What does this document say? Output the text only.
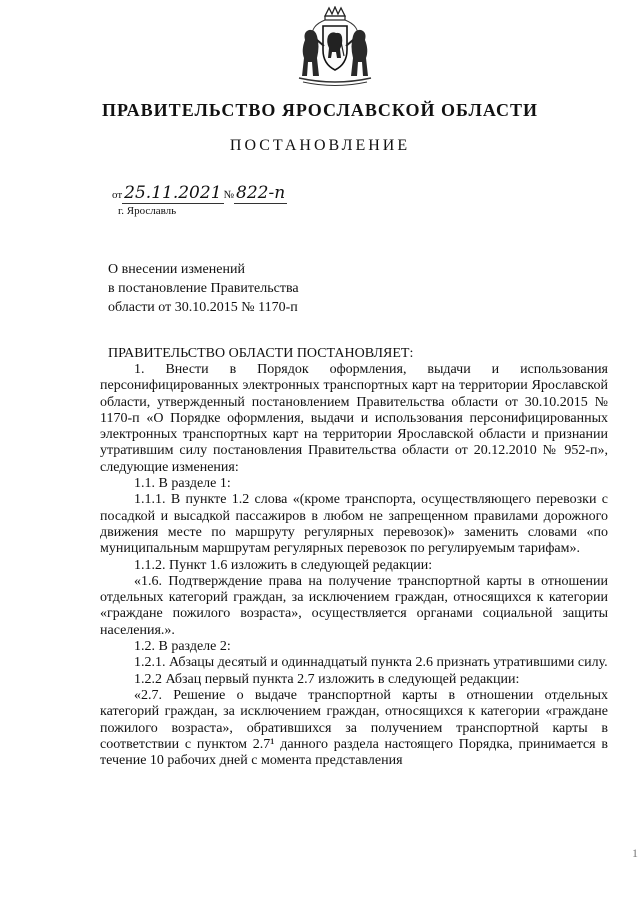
ПРАВИТЕЛЬСТВО ЯРОСЛАВСКОЙ ОБЛАСТИ
ПОСТАНОВЛЕНИЕ
от 25.11.2021 № 822-п
г. Ярославль
О внесении изменений
в постановление Правительства
области от 30.10.2015 № 1170-п
ПРАВИТЕЛЬСТВО ОБЛАСТИ ПОСТАНОВЛЯЕТ:

1. Внести в Порядок оформления, выдачи и использования персонифицированных электронных транспортных карт на территории Ярославской области, утвержденный постановлением Правительства области от 30.10.2015 № 1170-п «О Порядке оформления, выдачи и использования персонифицированных электронных транспортных карт на территории Ярославской области и признании утратившим силу постановления Правительства области от 20.12.2010 № 952-п», следующие изменения:

1.1. В разделе 1:

1.1.1. В пункте 1.2 слова «(кроме транспорта, осуществляющего перевозки с посадкой и высадкой пассажиров в любом не запрещенном правилами дорожного движения месте по маршруту регулярных перевозок)» заменить словами «по муниципальным маршрутам регулярных перевозок по регулируемым тарифам».

1.1.2. Пункт 1.6 изложить в следующей редакции:

«1.6. Подтверждение права на получение транспортной карты в отношении отдельных категорий граждан, за исключением граждан, относящихся к категории «граждане пожилого возраста», осуществляется органами социальной защиты населения.».

1.2. В разделе 2:

1.2.1. Абзацы десятый и одиннадцатый пункта 2.6 признать утратившими силу.

1.2.2 Абзац первый пункта 2.7 изложить в следующей редакции:

«2.7. Решение о выдаче транспортной карты в отношении отдельных категорий граждан, за исключением граждан, относящихся к категории «граждане пожилого возраста», обратившихся за получением транспортной карты в соответствии с пунктом 2.7¹ данного раздела настоящего Порядка, принимается в течение 10 рабочих дней с момента представления

1
